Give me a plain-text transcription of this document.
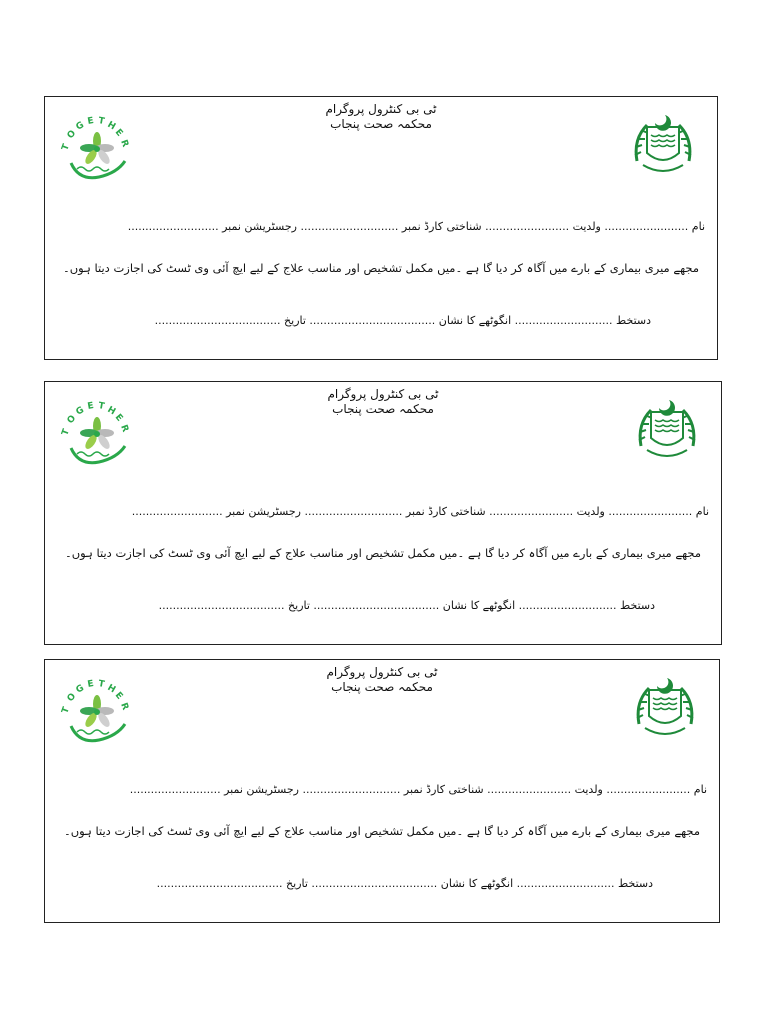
ٹی بی کنٹرول پروگرام
محکمہ صحت پنجاب
T
O
G E T H
E
R
نام ........................ ولدیت ........................ شناختی کارڈ نمبر ............................ رجسٹریشن نمبر ..........................
مجھے میری بیماری کے بارے میں آگاہ کر دیا گا ہے ۔میں مکمل تشخیص اور مناسب علاج کے لیے ایچ آئی وی ٹسٹ کی اجازت دیتا ہوں۔
دستخط ............................ انگوٹھے کا نشان .................................... تاریخ ....................................
ٹی بی کنٹرول پروگرام
محکمہ صحت پنجاب
T
O
G E T H
E
R
نام ........................ ولدیت ........................ شناختی کارڈ نمبر ............................ رجسٹریشن نمبر ..........................
مجھے میری بیماری کے بارے میں آگاہ کر دیا گا ہے ۔میں مکمل تشخیص اور مناسب علاج کے لیے ایچ آئی وی ٹسٹ کی اجازت دیتا ہوں۔
دستخط ............................ انگوٹھے کا نشان .................................... تاریخ ....................................
ٹی بی کنٹرول پروگرام
محکمہ صحت پنجاب
T
O
G E T H
E
R
نام ........................ ولدیت ........................ شناختی کارڈ نمبر ............................ رجسٹریشن نمبر ..........................
مجھے میری بیماری کے بارے میں آگاہ کر دیا گا ہے ۔میں مکمل تشخیص اور مناسب علاج کے لیے ایچ آئی وی ٹسٹ کی اجازت دیتا ہوں۔
دستخط ............................ انگوٹھے کا نشان .................................... تاریخ ....................................
